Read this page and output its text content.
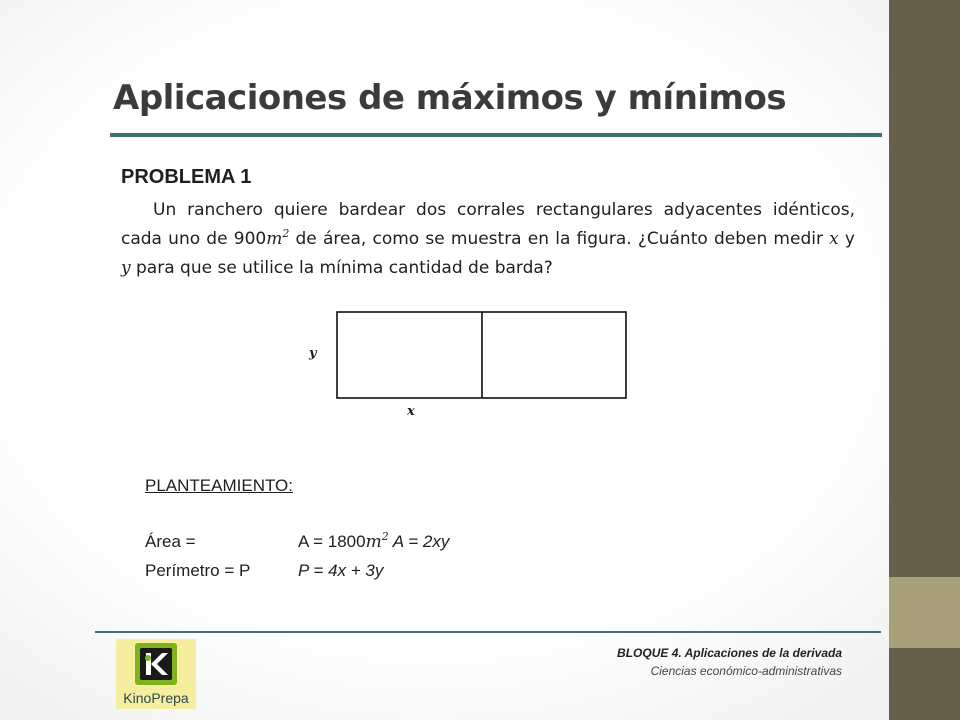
Aplicaciones de máximos y mínimos
PROBLEMA 1
Un ranchero quiere bardear dos corrales rectangulares adyacentes idénticos, cada uno de $900m^2$ de área, como se muestra en la figura. ¿Cuánto deben medir x y y para que se utilice la mínima cantidad de barda?
y
x
PLANTEAMIENTO:
Área =	$A = 1800m^2$ A = 2xy
Perímetro = P	P = 4x + 3y
KinoPrepa
BLOQUE 4. Aplicaciones de la derivada
Ciencias económico-administrativas
